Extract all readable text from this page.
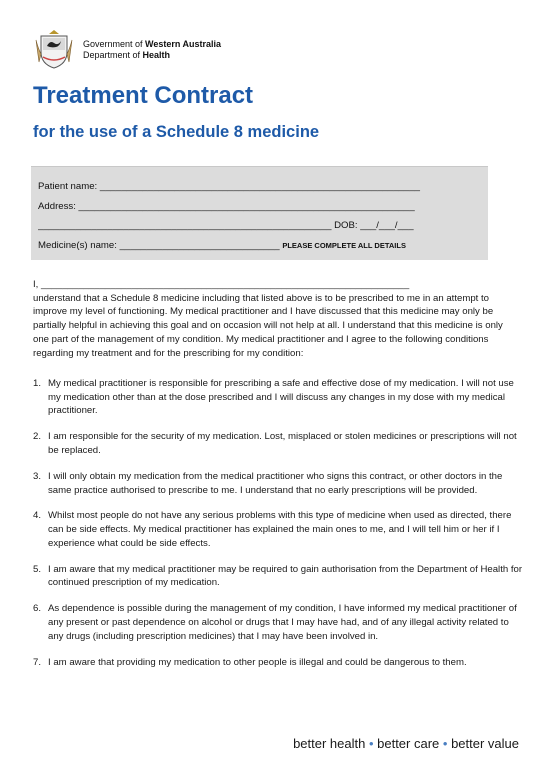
Government of Western Australia
Department of Health
Treatment Contract
for the use of a Schedule 8 medicine
Patient name: ____________________________________________________________
Address: _______________________________________________________________
_______________________________________________________ DOB: ___/___/___
Medicine(s) name: ______________________________ PLEASE COMPLETE ALL DETAILS

I, _____________________________________________________________________

understand that a Schedule 8 medicine including that listed above is to be prescribed to me in an attempt to improve my level of functioning. My medical practitioner and I have discussed that this medicine may only be partially helpful in achieving this goal and on occasion will not help at all. I understand that this medicine is only one part of the management of my condition. My medical practitioner and I agree to the following conditions regarding my treatment and for the prescribing for my condition:

1. My medical practitioner is responsible for prescribing a safe and effective dose of my medication. I will not use my medication other than at the dose prescribed and I will discuss any changes in my dose with my medical practitioner.
2. I am responsible for the security of my medication. Lost, misplaced or stolen medicines or prescriptions will not be replaced.
3. I will only obtain my medication from the medical practitioner who signs this contract, or other doctors in the same practice authorised to prescribe to me. I understand that no early prescriptions will be provided.
4. Whilst most people do not have any serious problems with this type of medicine when used as directed, there can be side effects. My medical practitioner has explained the main ones to me, and I will tell him or her if I experience what could be side effects.
5. I am aware that my medical practitioner may be required to gain authorisation from the Department of Health for continued prescription of my medication.
6. As dependence is possible during the management of my condition, I have informed my medical practitioner of any present or past dependence on alcohol or drugs that I may have had, and of any illegal activity related to any drugs (including prescription medicines) that I may have been involved in.
7. I am aware that providing my medication to other people is illegal and could be dangerous to them.
better health • better care • better value
